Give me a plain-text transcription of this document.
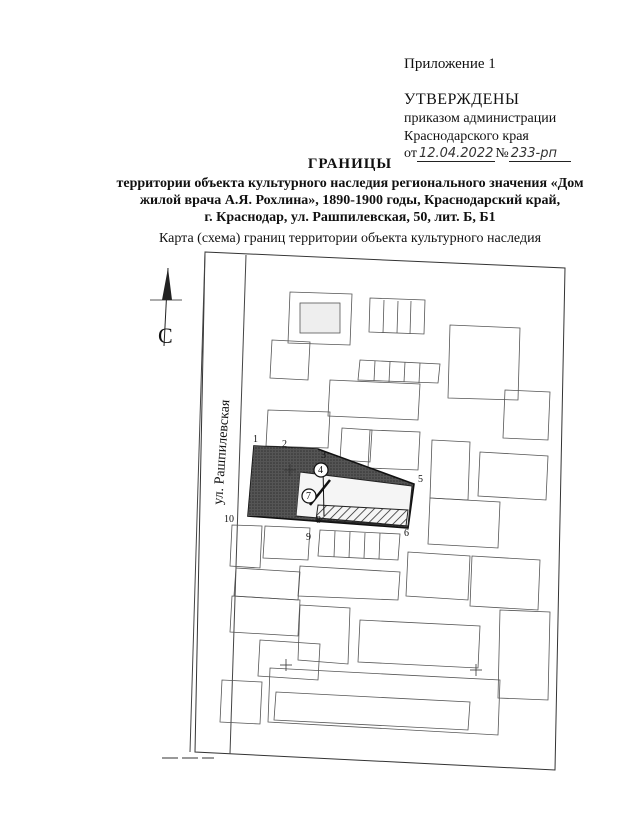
Приложение 1
УТВЕРЖДЕНЫ
приказом администрации
Краснодарского края
от 12.04.2022 № 233-рп
ГРАНИЦЫ
территории объекта культурного наследия регионального значения «Дом
жилой врача А.Я. Рохлина», 1890-1900 годы, Краснодарский край,
г. Краснодар, ул. Рашпилевская, 50, лит. Б, Б1
Карта (схема) границ территории объекта культурного наследия
С
ул. Рашпилевская 1 2
3
4
5
6
7
8
9
10
